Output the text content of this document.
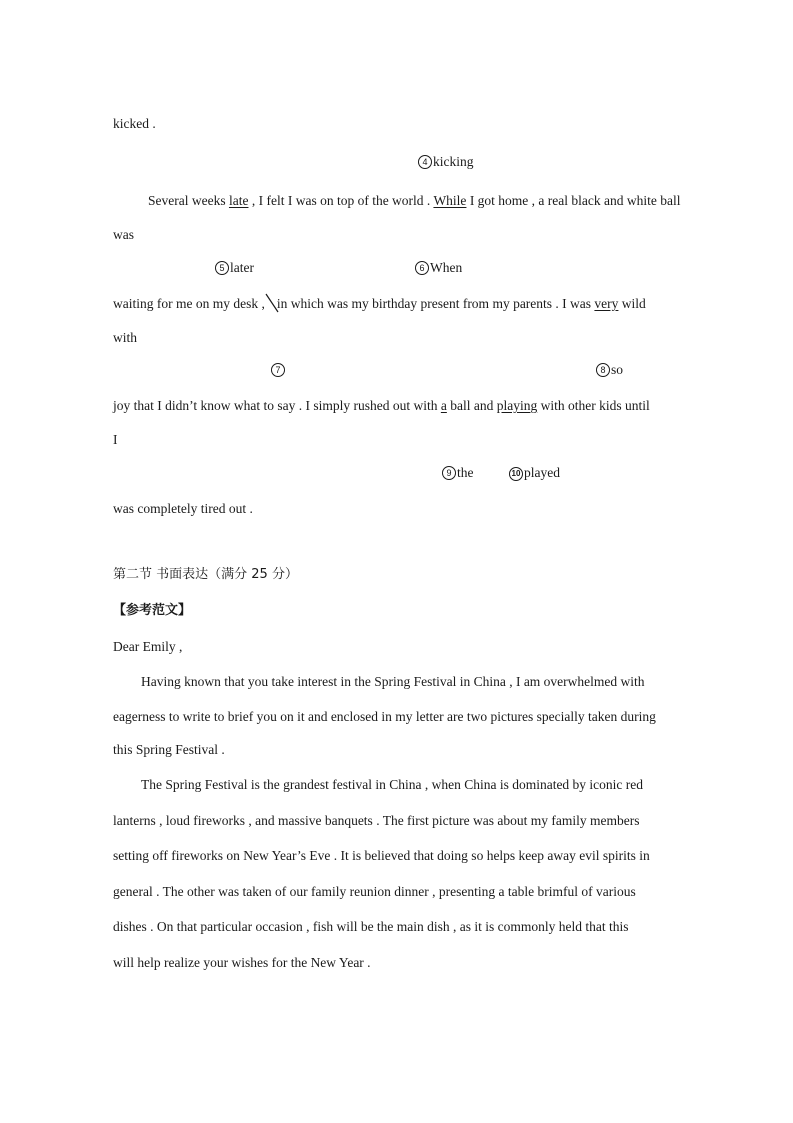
kicked .
4 kicking
Several weeks late , I felt I was on top of the world . While I got home , a real black and white ball
was
5 later	6 When
waiting for me on my desk , in which was my birthday present from my parents . I was very wild
with
7	8 so
joy that I didn’t know what to say . I simply rushed out with a ball and playing with other kids until
I
9 the	10 played
was completely tired out .
第二节 书面表达（满分 25 分）
【参考范文】
Dear Emily ,
Having known that you take interest in the Spring Festival in China , I am overwhelmed with
eagerness to write to brief you on it and enclosed in my letter are two pictures specially taken during
this Spring Festival .
The Spring Festival is the grandest festival in China , when China is dominated by iconic red
lanterns , loud fireworks , and massive banquets . The first picture was about my family members
setting off fireworks on New Year’s Eve . It is believed that doing so helps keep away evil spirits in
general . The other was taken of our family reunion dinner , presenting a table brimful of various
dishes . On that particular occasion , fish will be the main dish , as it is commonly held that this
will help realize your wishes for the New Year .
